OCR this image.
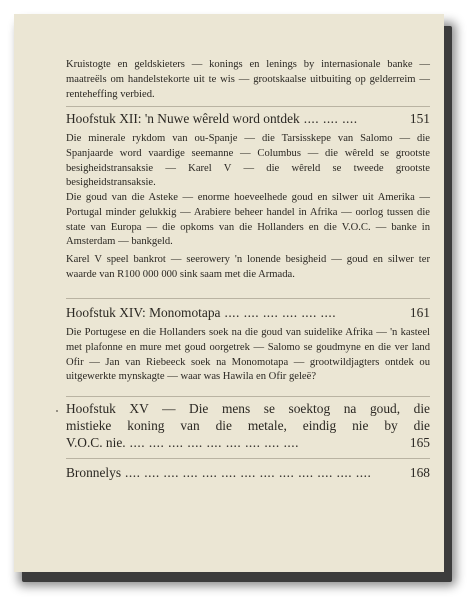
Kruistogte en geldskieters — konings en lenings by internasionale banke — maatreëls om handelstekorte uit te wis — grootskaalse uitbuiting op gelderreim — renteheffing verbied.
Hoofstuk XII: 'n Nuwe wêreld word ontdek .... .... ....	151
Die minerale rykdom van ou-Spanje — die Tarsisskepe van Salomo — die Spanjaarde word vaardige seemanne — Columbus — die wêreld se grootste besigheidstransaksie — Karel V — die wêreld se tweede grootste besigheidstransaksie.
Die goud van die Asteke — enorme hoeveelhede goud en silwer uit Amerika — Portugal minder gelukkig — Arabiere beheer handel in Afrika — oorlog tussen die state van Europa — die opkoms van die Hollanders en die V.O.C. — banke in Amsterdam — bankgeld.
Karel V speel bankrot — seerowery 'n lonende besigheid — goud en silwer ter waarde van R100 000 000 sink saam met die Armada.
Hoofstuk XIV: Monomotapa .... .... .... .... .... ....	161
Die Portugese en die Hollanders soek na die goud van suidelike Afrika — 'n kasteel met plafonne en mure met goud oorgetrek — Salomo se goudmyne en die ver land Ofir — Jan van Riebeeck soek na Monomotapa — grootwildjagters ontdek ou uitgewerkte mynskagte — waar was Hawila en Ofir geleë?
Hoofstuk XV — Die mens se soektog na goud, die
mistieke koning van die metale, eindig nie by die
V.O.C. nie. .... .... .... .... .... .... .... .... ....	165
Bronnelys .... .... .... .... .... .... .... .... .... .... .... .... ....	168
